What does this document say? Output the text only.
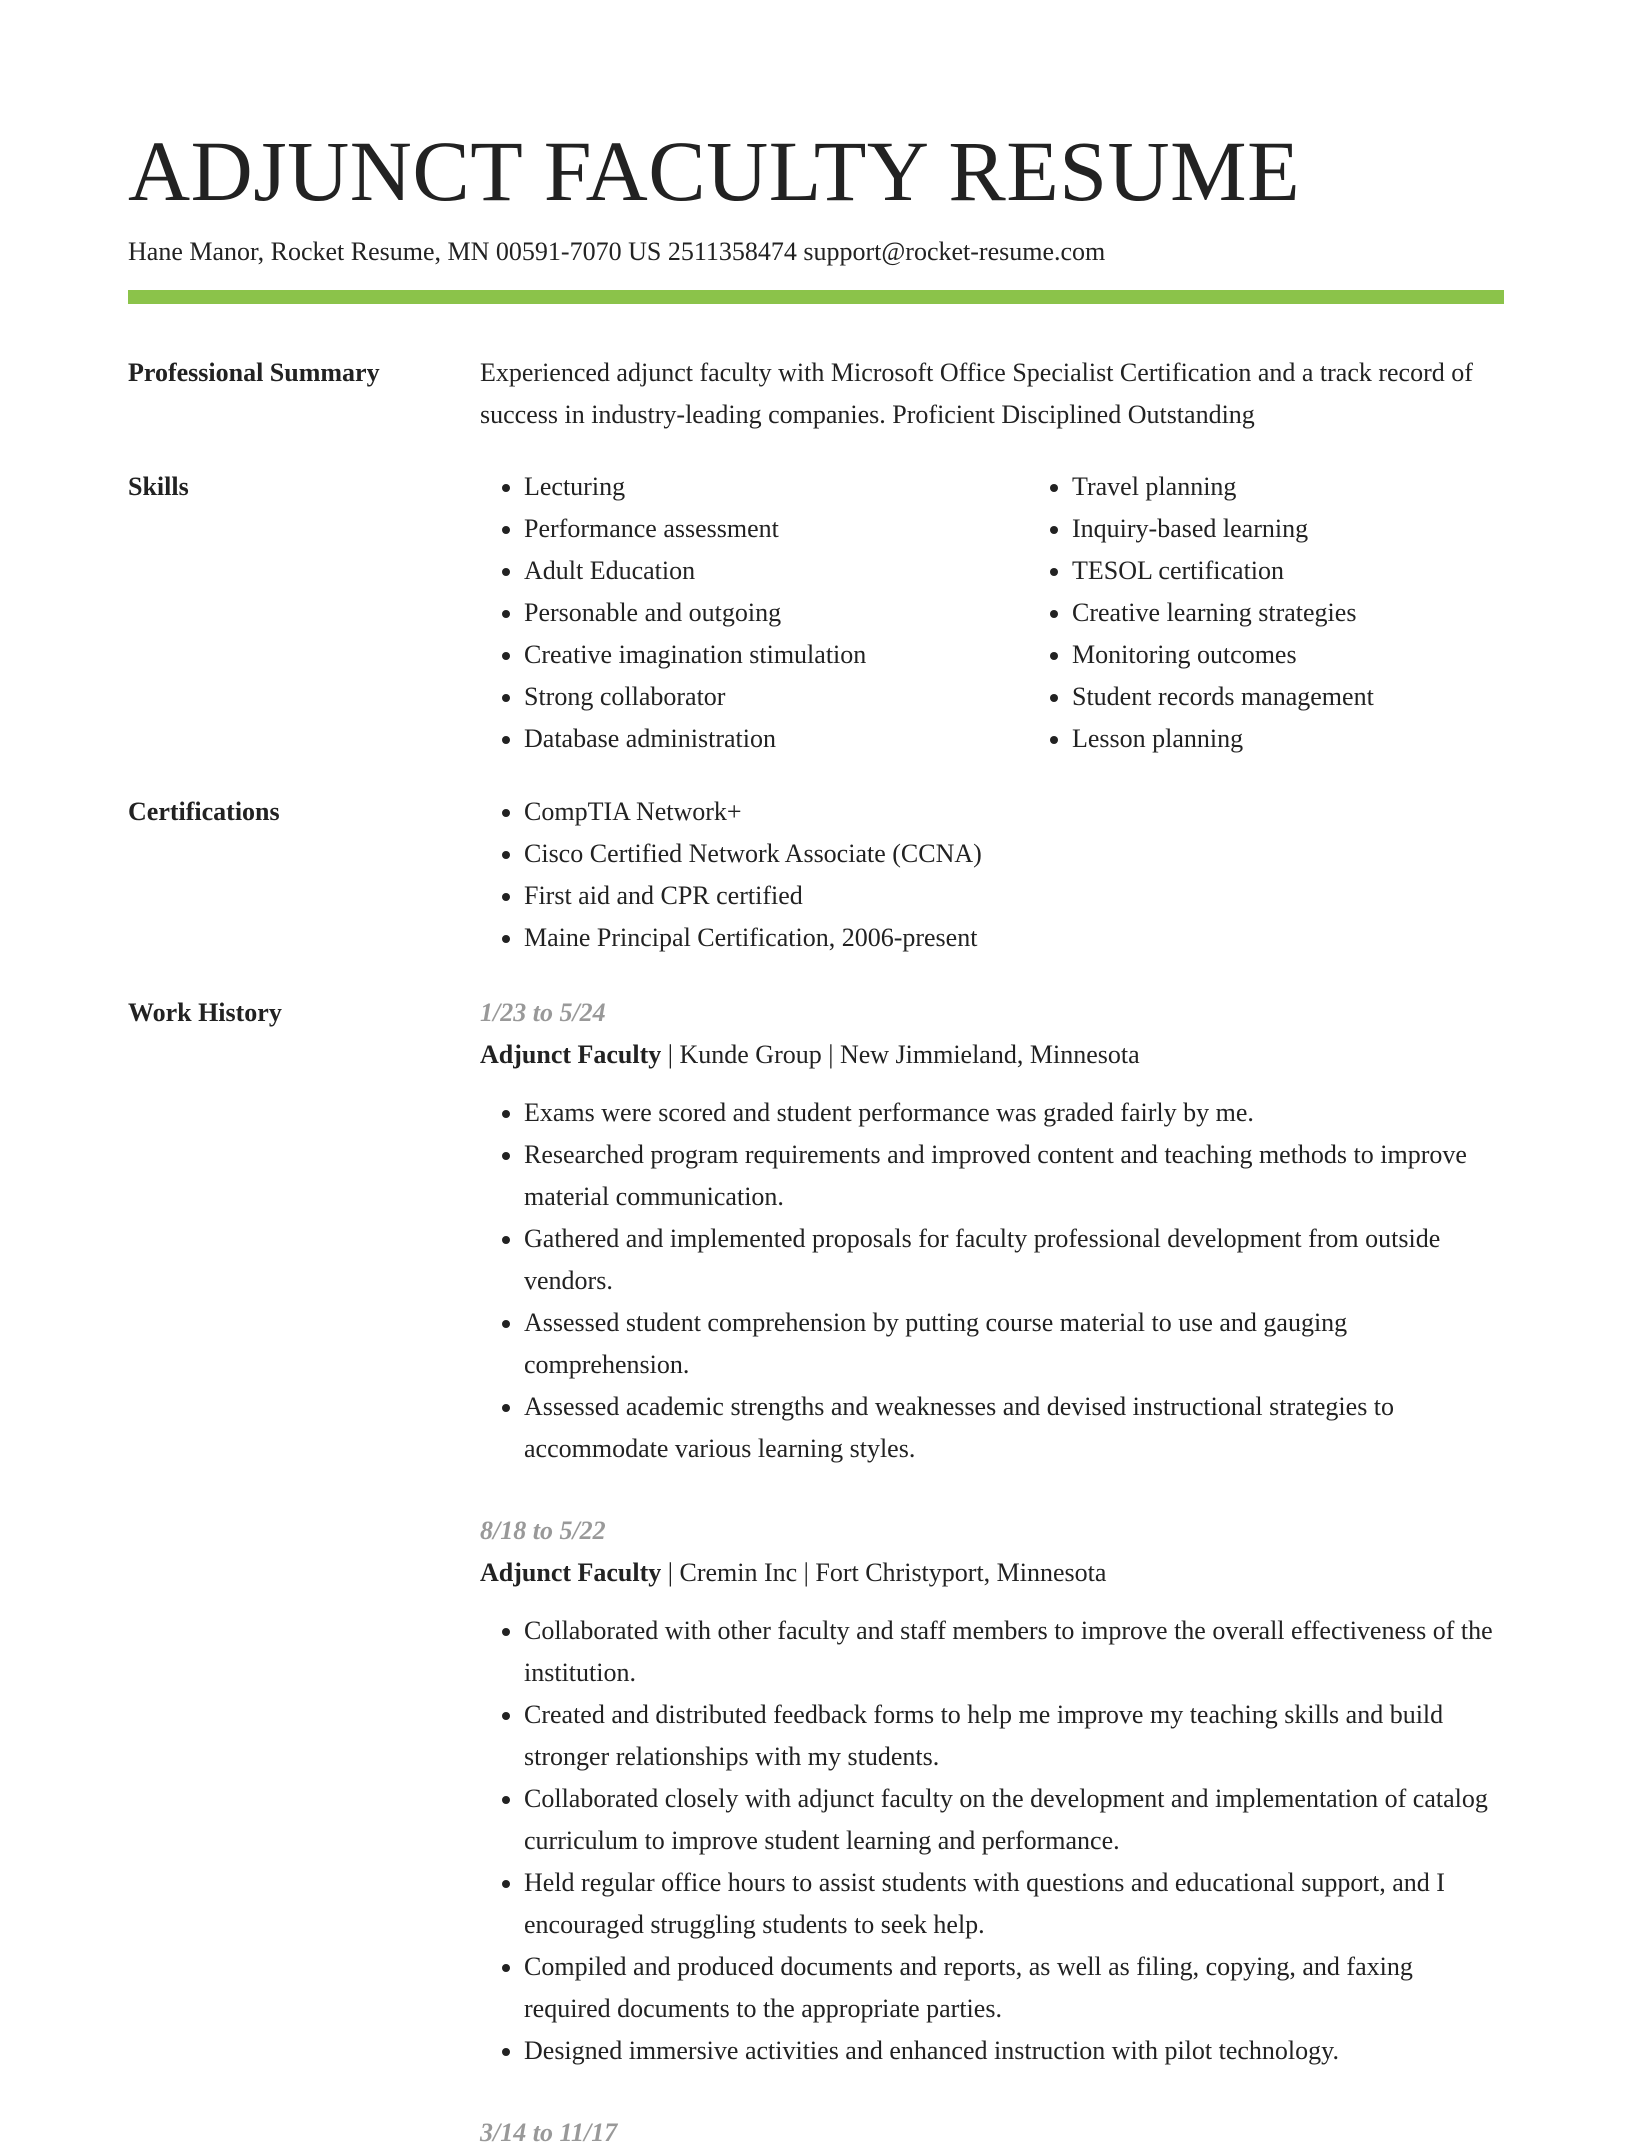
ADJUNCT FACULTY RESUME
Hane Manor, Rocket Resume, MN 00591-7070 US 2511358474 support@rocket-resume.com
Professional Summary	Experienced adjunct faculty with Microsoft Office Specialist Certification and a track record of success in industry-leading companies. Proficient Disciplined Outstanding

Skills	• Lecturing
• Performance assessment
• Adult Education
• Personable and outgoing
• Creative imagination stimulation
• Strong collaborator
• Database administration
• Travel planning
• Inquiry-based learning
• TESOL certification
• Creative learning strategies
• Monitoring outcomes
• Student records management
• Lesson planning
Certifications	• CompTIA Network+
• Cisco Certified Network Associate (CCNA)
• First aid and CPR certified
• Maine Principal Certification, 2006-present
Work History	1/23 to 5/24
Adjunct Faculty | Kunde Group | New Jimmieland, Minnesota
• Exams were scored and student performance was graded fairly by me.
• Researched program requirements and improved content and teaching methods to improve material communication.
• Gathered and implemented proposals for faculty professional development from outside vendors.
• Assessed student comprehension by putting course material to use and gauging comprehension.
• Assessed academic strengths and weaknesses and devised instructional strategies to accommodate various learning styles.
8/18 to 5/22
Adjunct Faculty | Cremin Inc | Fort Christyport, Minnesota
• Collaborated with other faculty and staff members to improve the overall effectiveness of the institution.
• Created and distributed feedback forms to help me improve my teaching skills and build stronger relationships with my students.
• Collaborated closely with adjunct faculty on the development and implementation of catalog curriculum to improve student learning and performance.
• Held regular office hours to assist students with questions and educational support, and I encouraged struggling students to seek help.
• Compiled and produced documents and reports, as well as filing, copying, and faxing required documents to the appropriate parties.
• Designed immersive activities and enhanced instruction with pilot technology.
3/14 to 11/17
